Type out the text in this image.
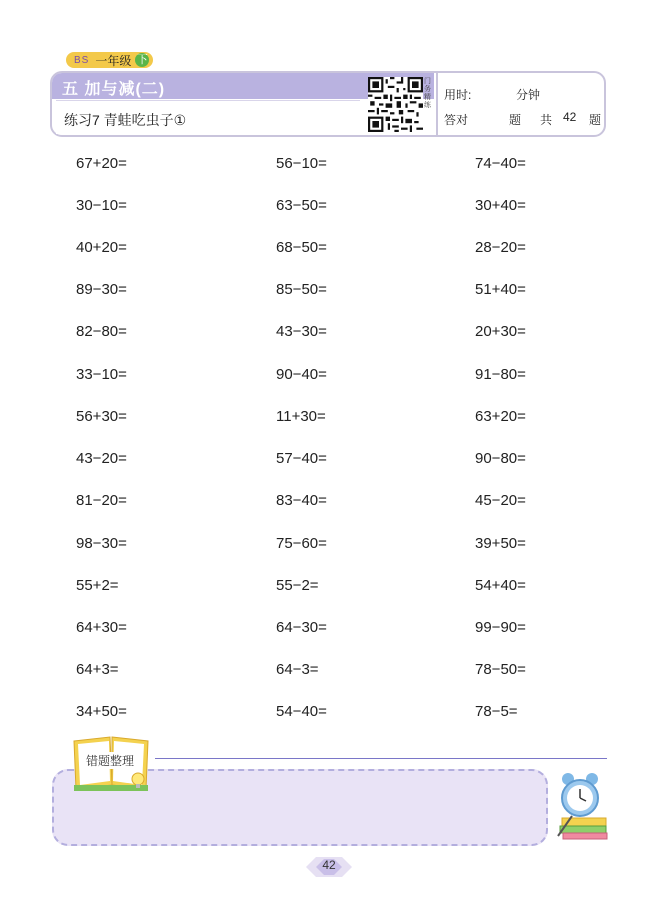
BS 一年级 下
五 加与减(二)
练习7 青蛙吃虫子①
门务精练
用时:	分钟
答对	题 共 42 题
67+20=
30−10=
40+20=
89−30=
82−80=
33−10=
56+30=
43−20=
81−20=
98−30=
55+2=
64+30=
64+3=
34+50=
56−10=
63−50=
68−50=
85−50=
43−30=
90−40=
11+30=
57−40=
83−40=
75−60=
55−2=
64−30=
64−3=
54−40=
74−40=
30+40=
28−20=
51+40=
20+30=
91−80=
63+20=
90−80=
45−20=
39+50=
54+40=
99−90=
78−50=
78−5=
错题整理
42
